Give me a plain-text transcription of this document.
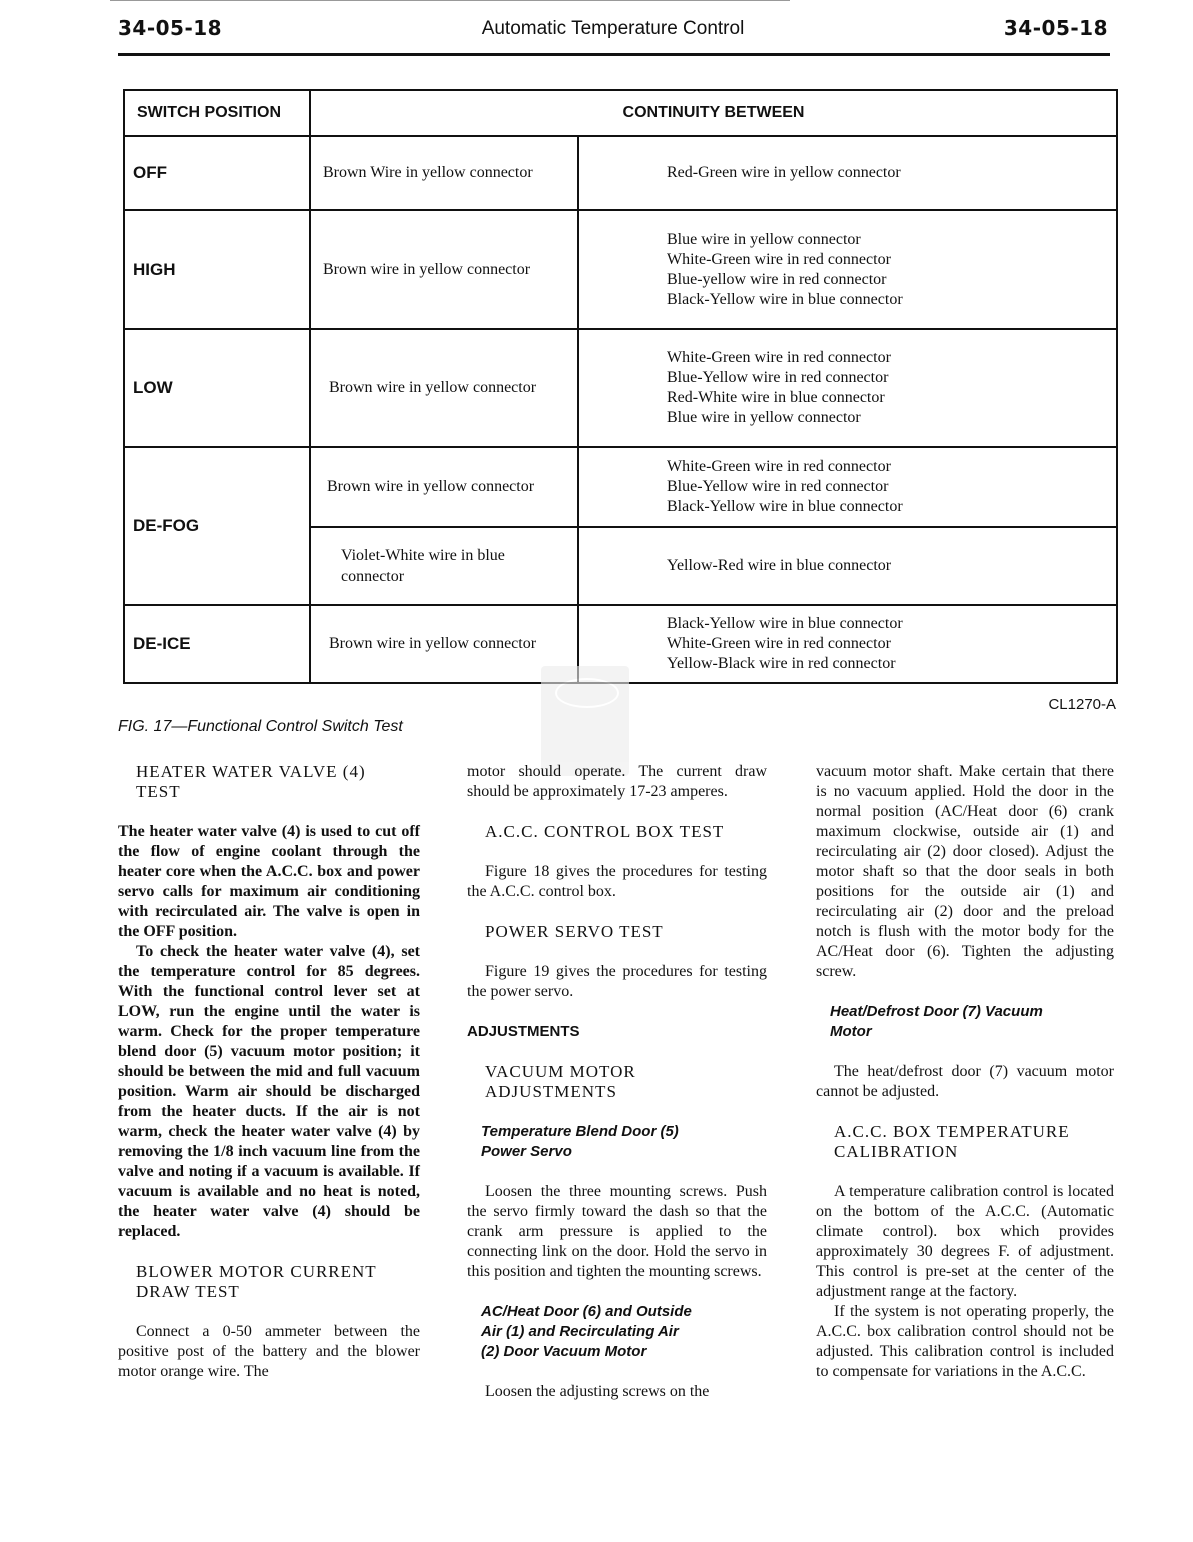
34-05-18	Automatic Temperature Control	34-05-18
SWITCH POSITION	CONTINUITY BETWEEN	
OFF	Brown Wire in yellow connector	Red-Green wire in yellow connector

HIGH	Brown wire in yellow connector	Blue wire in yellow connector
White-Green wire in red connector
Blue-yellow wire in red connector
Black-Yellow wire in blue connector

LOW	Brown wire in yellow connector	White-Green wire in red connector
Blue-Yellow wire in red connector
Red-White wire in blue connector
Blue wire in yellow connector

DE-FOG	Brown wire in yellow connector	White-Green wire in red connector
Blue-Yellow wire in red connector
Black-Yellow wire in blue connector

	Violet-White wire in blue
connector	Yellow-Red wire in blue connector

DE-ICE	Brown wire in yellow connector	Black-Yellow wire in blue connector
White-Green wire in red connector
Yellow-Black wire in red connector
CL1270-A
FIG. 17—Functional Control Switch Test
HEATER WATER VALVE (4)
TEST

The heater water valve (4) is used to cut off the flow of engine coolant through the heater core when the A.C.C. box and power servo calls for maximum air conditioning with recirculated air. The valve is open in the OFF position.

To check the heater water valve (4), set the temperature control for 85 degrees. With the functional control lever set at LOW, run the engine until the water is warm. Check for the proper temperature blend door (5) vacuum motor position; it should be between the mid and full vacuum position. Warm air should be discharged from the heater ducts. If the air is not warm, check the heater water valve (4) by removing the 1/8 inch vacuum line from the valve and noting if a vacuum is available. If vacuum is available and no heat is noted, the heater water valve (4) should be replaced.

BLOWER MOTOR CURRENT
DRAW TEST

Connect a 0-50 ammeter between the positive post of the battery and the blower motor orange wire. The

motor should operate. The current draw should be approximately 17-23 amperes.

A.C.C. CONTROL BOX TEST

Figure 18 gives the procedures for testing the A.C.C. control box.

POWER SERVO TEST

Figure 19 gives the procedures for testing the power servo.

ADJUSTMENTS
VACUUM MOTOR
ADJUSTMENTS
Temperature Blend Door (5)
Power Servo

Loosen the three mounting screws. Push the servo firmly toward the dash so that the crank arm pressure is applied to the connecting link on the door. Hold the servo in this position and tighten the mounting screws.

AC/Heat Door (6) and Outside
Air (1) and Recirculating Air
(2) Door Vacuum Motor

Loosen the adjusting screws on the

vacuum motor shaft. Make certain that there is no vacuum applied. Hold the door in the normal position (AC/Heat door (6) crank maximum clockwise, outside air (1) and recirculating air (2) door closed). Adjust the motor shaft so that the door seals in both positions for the outside air (1) and recirculating air (2) door and the preload notch is flush with the motor body for the AC/Heat door (6). Tighten the adjusting screw.

Heat/Defrost Door (7) Vacuum
Motor

The heat/defrost door (7) vacuum motor cannot be adjusted.

A.C.C. BOX TEMPERATURE
CALIBRATION

A temperature calibration control is located on the bottom of the A.C.C. (Automatic climate control). box which provides approximately 30 degrees F. of adjustment. This control is pre-set at the center of the adjustment range at the factory.

If the system is not operating properly, the A.C.C. box calibration control should not be adjusted. This calibration control is included to compensate for variations in the A.C.C.
